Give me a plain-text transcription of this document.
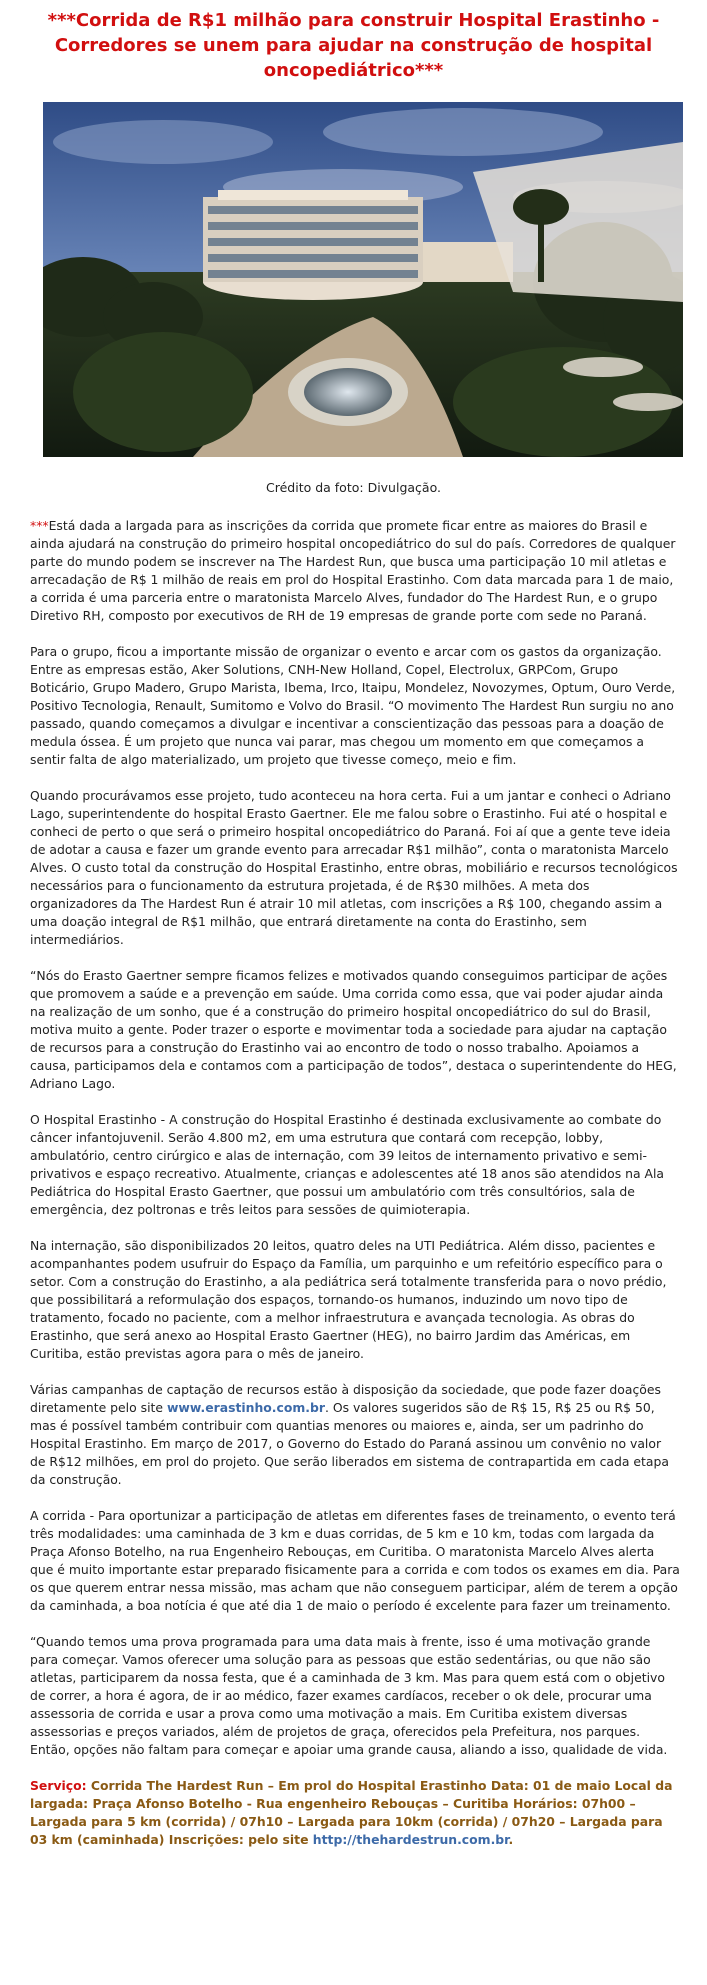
***Corrida de R$1 milhão para construir Hospital Erastinho - Corredores se unem para ajudar na construção de hospital oncopediátrico***
Crédito da foto: Divulgação.

***Está dada a largada para as inscrições da corrida que promete ficar entre as maiores do Brasil e ainda ajudará na construção do primeiro hospital oncopediátrico do sul do país. Corredores de qualquer parte do mundo podem se inscrever na The Hardest Run, que busca uma participação 10 mil atletas e arrecadação de R$ 1 milhão de reais em prol do Hospital Erastinho. Com data marcada para 1 de maio, a corrida é uma parceria entre o maratonista Marcelo Alves, fundador do The Hardest Run, e o grupo Diretivo RH, composto por executivos de RH de 19 empresas de grande porte com sede no Paraná.

Para o grupo, ficou a importante missão de organizar o evento e arcar com os gastos da organização. Entre as empresas estão, Aker Solutions, CNH-New Holland, Copel, Electrolux, GRPCom, Grupo Boticário, Grupo Madero, Grupo Marista, Ibema, Irco, Itaipu, Mondelez, Novozymes, Optum, Ouro Verde, Positivo Tecnologia, Renault, Sumitomo e Volvo do Brasil. “O movimento The Hardest Run surgiu no ano passado, quando começamos a divulgar e incentivar a conscientização das pessoas para a doação de medula óssea. É um projeto que nunca vai parar, mas chegou um momento em que começamos a sentir falta de algo materializado, um projeto que tivesse começo, meio e fim.

Quando procurávamos esse projeto, tudo aconteceu na hora certa. Fui a um jantar e conheci o Adriano Lago, superintendente do hospital Erasto Gaertner. Ele me falou sobre o Erastinho. Fui até o hospital e conheci de perto o que será o primeiro hospital oncopediátrico do Paraná. Foi aí que a gente teve ideia de adotar a causa e fazer um grande evento para arrecadar R$1 milhão”, conta o maratonista Marcelo Alves. O custo total da construção do Hospital Erastinho, entre obras, mobiliário e recursos tecnológicos necessários para o funcionamento da estrutura projetada, é de R$30 milhões. A meta dos organizadores da The Hardest Run é atrair 10 mil atletas, com inscrições a R$ 100, chegando assim a uma doação integral de R$1 milhão, que entrará diretamente na conta do Erastinho, sem intermediários.

“Nós do Erasto Gaertner sempre ficamos felizes e motivados quando conseguimos participar de ações que promovem a saúde e a prevenção em saúde. Uma corrida como essa, que vai poder ajudar ainda na realização de um sonho, que é a construção do primeiro hospital oncopediátrico do sul do Brasil, motiva muito a gente. Poder trazer o esporte e movimentar toda a sociedade para ajudar na captação de recursos para a construção do Erastinho vai ao encontro de todo o nosso trabalho. Apoiamos a causa, participamos dela e contamos com a participação de todos”, destaca o superintendente do HEG, Adriano Lago.

O Hospital Erastinho - A construção do Hospital Erastinho é destinada exclusivamente ao combate do câncer infantojuvenil. Serão 4.800 m2, em uma estrutura que contará com recepção, lobby, ambulatório, centro cirúrgico e alas de internação, com 39 leitos de internamento privativo e semi-privativos e espaço recreativo. Atualmente, crianças e adolescentes até 18 anos são atendidos na Ala Pediátrica do Hospital Erasto Gaertner, que possui um ambulatório com três consultórios, sala de emergência, dez poltronas e três leitos para sessões de quimioterapia.

Na internação, são disponibilizados 20 leitos, quatro deles na UTI Pediátrica. Além disso, pacientes e acompanhantes podem usufruir do Espaço da Família, um parquinho e um refeitório específico para o setor. Com a construção do Erastinho, a ala pediátrica será totalmente transferida para o novo prédio, que possibilitará a reformulação dos espaços, tornando-os humanos, induzindo um novo tipo de tratamento, focado no paciente, com a melhor infraestrutura e avançada tecnologia. As obras do Erastinho, que será anexo ao Hospital Erasto Gaertner (HEG), no bairro Jardim das Américas, em Curitiba, estão previstas agora para o mês de janeiro.

Várias campanhas de captação de recursos estão à disposição da sociedade, que pode fazer doações diretamente pelo site www.erastinho.com.br. Os valores sugeridos são de R$ 15, R$ 25 ou R$ 50, mas é possível também contribuir com quantias menores ou maiores e, ainda, ser um padrinho do Hospital Erastinho. Em março de 2017, o Governo do Estado do Paraná assinou um convênio no valor de R$12 milhões, em prol do projeto. Que serão liberados em sistema de contrapartida em cada etapa da construção.

A corrida - Para oportunizar a participação de atletas em diferentes fases de treinamento, o evento terá três modalidades: uma caminhada de 3 km e duas corridas, de 5 km e 10 km, todas com largada da Praça Afonso Botelho, na rua Engenheiro Rebouças, em Curitiba. O maratonista Marcelo Alves alerta que é muito importante estar preparado fisicamente para a corrida e com todos os exames em dia. Para os que querem entrar nessa missão, mas acham que não conseguem participar, além de terem a opção da caminhada, a boa notícia é que até dia 1 de maio o período é excelente para fazer um treinamento.

“Quando temos uma prova programada para uma data mais à frente, isso é uma motivação grande para começar. Vamos oferecer uma solução para as pessoas que estão sedentárias, ou que não são atletas, participarem da nossa festa, que é a caminhada de 3 km. Mas para quem está com o objetivo de correr, a hora é agora, de ir ao médico, fazer exames cardíacos, receber o ok dele, procurar uma assessoria de corrida e usar a prova como uma motivação a mais. Em Curitiba existem diversas assessorias e preços variados, além de projetos de graça, oferecidos pela Prefeitura, nos parques. Então, opções não faltam para começar e apoiar uma grande causa, aliando a isso, qualidade de vida.

Serviço: Corrida The Hardest Run – Em prol do Hospital Erastinho Data: 01 de maio Local da largada: Praça Afonso Botelho - Rua engenheiro Rebouças – Curitiba Horários: 07h00 – Largada para 5 km (corrida) / 07h10 – Largada para 10km (corrida) / 07h20 – Largada para 03 km (caminhada) Inscrições: pelo site http://thehardestrun.com.br.
